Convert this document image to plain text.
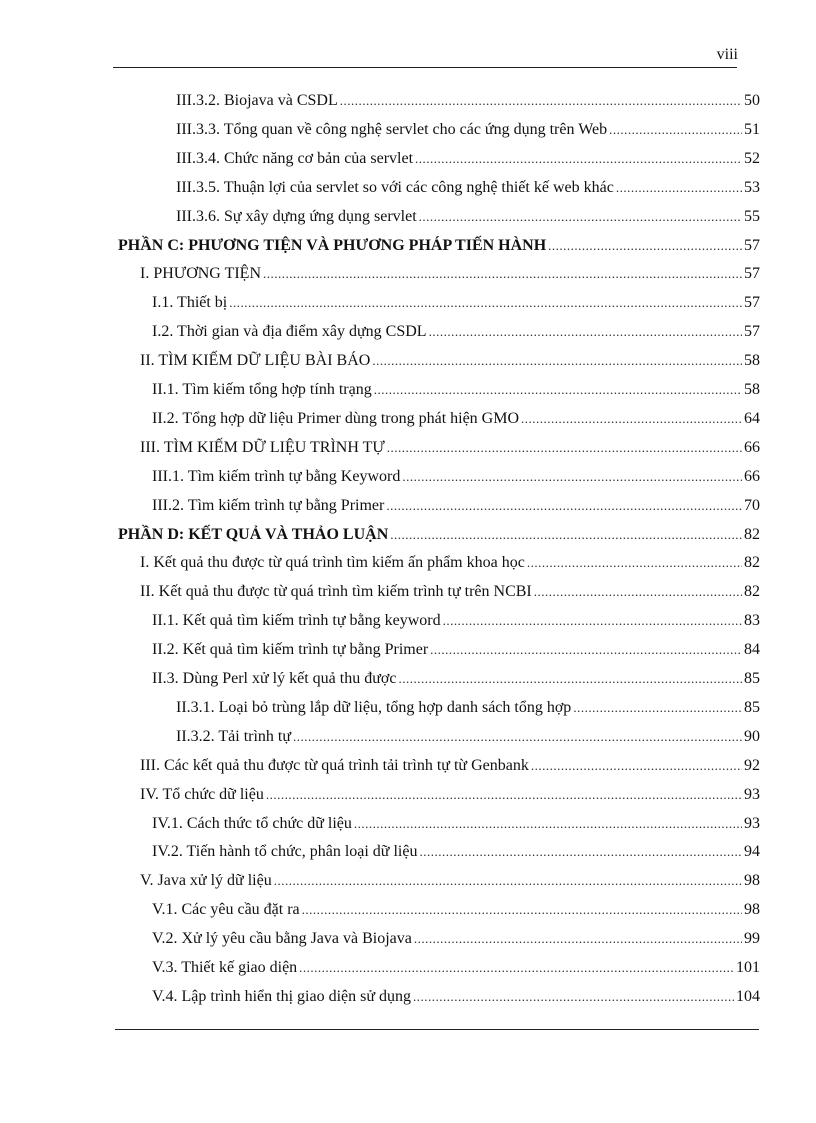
viii
III.3.2. Biojava và CSDL .....	50
III.3.3. Tổng quan về công nghệ servlet cho các ứng dụng trên Web .....	51
III.3.4. Chức năng cơ bản của servlet .....	52
III.3.5. Thuận lợi của servlet so với các công nghệ thiết kế web khác .....	53
III.3.6. Sự xây dựng ứng dụng servlet .....	55
PHẦN C: PHƯƠNG TIỆN VÀ PHƯƠNG PHÁP TIẾN HÀNH .....	57
I. PHƯƠNG TIỆN .....	57
I.1. Thiết bị .....	57
I.2. Thời gian và địa điểm xây dựng CSDL .....	57
II. TÌM KIẾM DỮ LIỆU BÀI BÁO .....	58
II.1. Tìm kiếm tổng hợp tính trạng .....	58
II.2. Tổng hợp dữ liệu Primer dùng trong phát hiện GMO .....	64
III. TÌM KIẾM DỮ LIỆU TRÌNH TỰ .....	66
III.1. Tìm kiếm trình tự bằng Keyword .....	66
III.2. Tìm kiếm trình tự bằng Primer .....	70
PHẦN D: KẾT QUẢ VÀ THẢO LUẬN .....	82
I. Kết quả thu được từ quá trình tìm kiếm ấn phẩm khoa học .....	82
II. Kết quả thu được từ quá trình tìm kiếm trình tự trên NCBI .....	82
II.1. Kết quả tìm kiếm trình tự bằng keyword .....	83
II.2. Kết quả tìm kiếm trình tự bằng Primer .....	84
II.3. Dùng Perl xử lý kết quả thu được .....	85
II.3.1. Loại bỏ trùng lắp dữ liệu, tổng hợp danh sách tổng hợp .....	85
II.3.2. Tải trình tự .....	90
III. Các kết quả thu được từ quá trình tải trình tự từ Genbank .....	92
IV. Tổ chức dữ liệu .....	93
IV.1. Cách thức tổ chức dữ liệu .....	93
IV.2. Tiến hành tổ chức, phân loại dữ liệu .....	94
V. Java xử lý dữ liệu .....	98
V.1. Các yêu cầu đặt ra .....	98
V.2. Xử lý yêu cầu bằng Java và Biojava .....	99
V.3. Thiết kế giao diện .....	101
V.4. Lập trình hiển thị giao diện sử dụng .....	104
